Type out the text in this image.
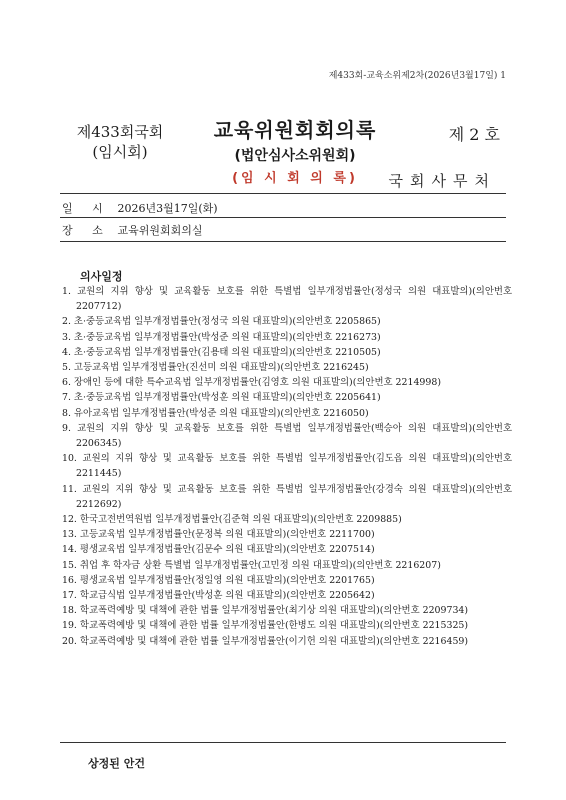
제433회-교육소위제2차(2026년3월17일) 1
제433회국회
(임시회)
교육위원회회의록
(법안심사소위원회)
(임 시 회 의 록)
제 2 호
국회사무처
일 시 2026년3월17일(화)
장 소 교육위원회회의실
의사일정
1. 교원의 지위 향상 및 교육활동 보호를 위한 특별법 일부개정법률안(정성국 의원 대표발의)(의안번호 2207712)
2. 초·중등교육법 일부개정법률안(정성국 의원 대표발의)(의안번호 2205865)
3. 초·중등교육법 일부개정법률안(박성준 의원 대표발의)(의안번호 2216273)
4. 초·중등교육법 일부개정법률안(김용태 의원 대표발의)(의안번호 2210505)
5. 고등교육법 일부개정법률안(진선미 의원 대표발의)(의안번호 2216245)
6. 장애인 등에 대한 특수교육법 일부개정법률안(김영호 의원 대표발의)(의안번호 2214998)
7. 초·중등교육법 일부개정법률안(박성훈 의원 대표발의)(의안번호 2205641)
8. 유아교육법 일부개정법률안(박성준 의원 대표발의)(의안번호 2216050)
9. 교원의 지위 향상 및 교육활동 보호를 위한 특별법 일부개정법률안(백승아 의원 대표발의)(의안번호 2206345)
10. 교원의 지위 향상 및 교육활동 보호를 위한 특별법 일부개정법률안(김도읍 의원 대표발의)(의안번호 2211445)
11. 교원의 지위 향상 및 교육활동 보호를 위한 특별법 일부개정법률안(강경숙 의원 대표발의)(의안번호 2212692)
12. 한국고전번역원법 일부개정법률안(김준혁 의원 대표발의)(의안번호 2209885)
13. 고등교육법 일부개정법률안(문정복 의원 대표발의)(의안번호 2211700)
14. 평생교육법 일부개정법률안(김문수 의원 대표발의)(의안번호 2207514)
15. 취업 후 학자금 상환 특별법 일부개정법률안(고민정 의원 대표발의)(의안번호 2216207)
16. 평생교육법 일부개정법률안(정일영 의원 대표발의)(의안번호 2201765)
17. 학교급식법 일부개정법률안(박성훈 의원 대표발의)(의안번호 2205642)
18. 학교폭력예방 및 대책에 관한 법률 일부개정법률안(최기상 의원 대표발의)(의안번호 2209734)
19. 학교폭력예방 및 대책에 관한 법률 일부개정법률안(한병도 의원 대표발의)(의안번호 2215325)
20. 학교폭력예방 및 대책에 관한 법률 일부개정법률안(이기헌 의원 대표발의)(의안번호 2216459)
상정된 안건
